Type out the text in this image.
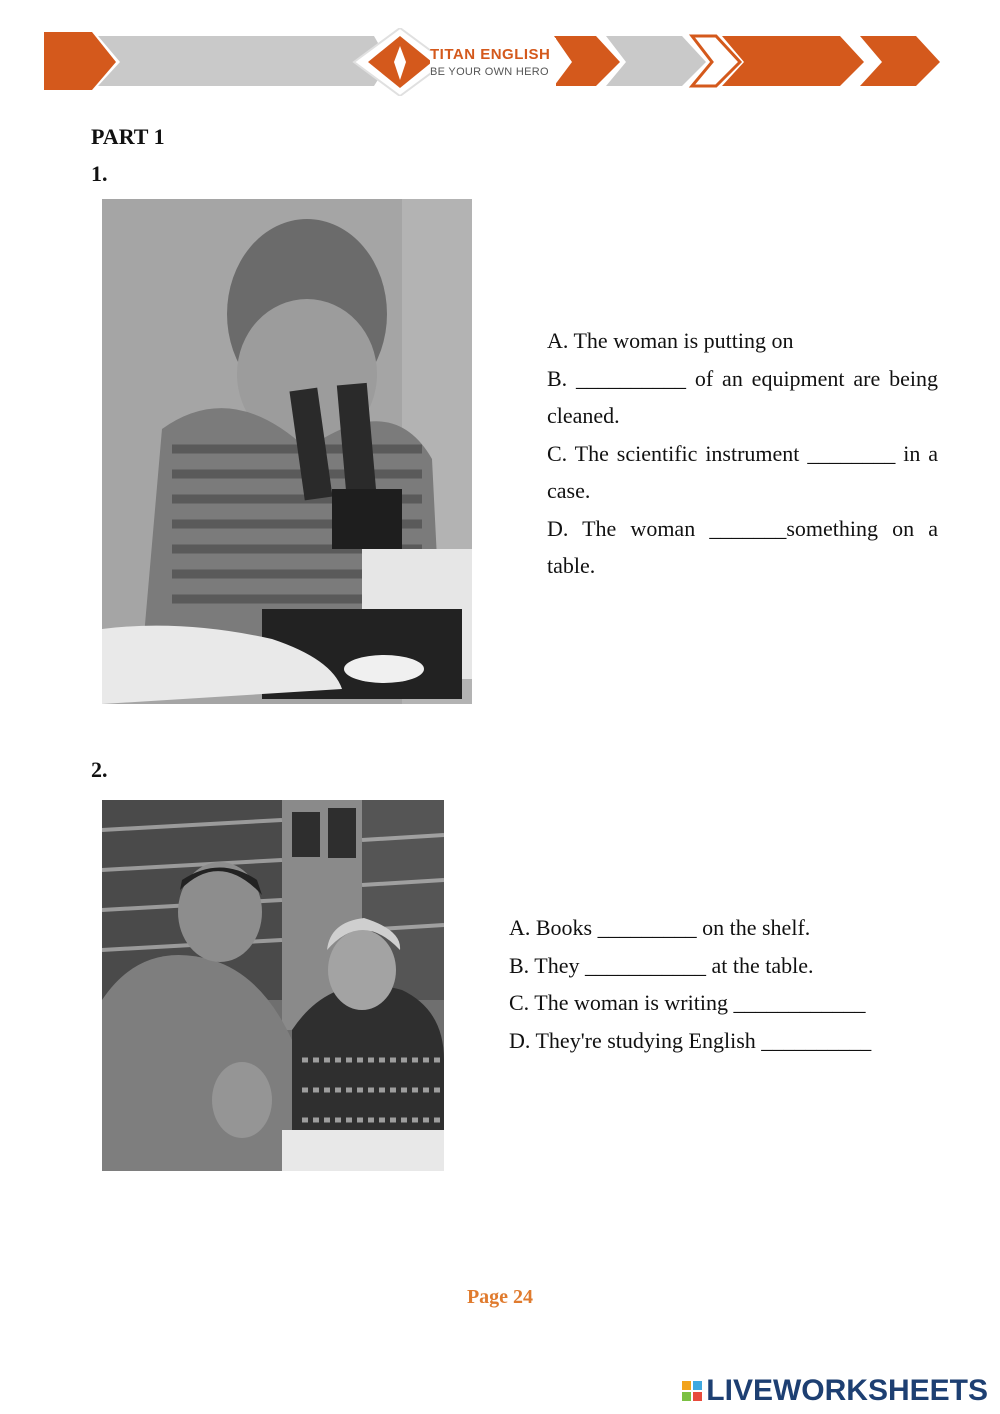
TITAN ENGLISH
BE YOUR OWN HERO
PART 1
1.

A. The woman is putting on

B. __________ of an equipment are being cleaned.

C. The scientific instrument ________ in a case.

D. The woman _______something on a table.

2.

A. Books _________ on the shelf.

B. They ___________ at the table.

C. The woman is writing ____________

D. They're studying English __________

Page 24
LIVEWORKSHEETS
